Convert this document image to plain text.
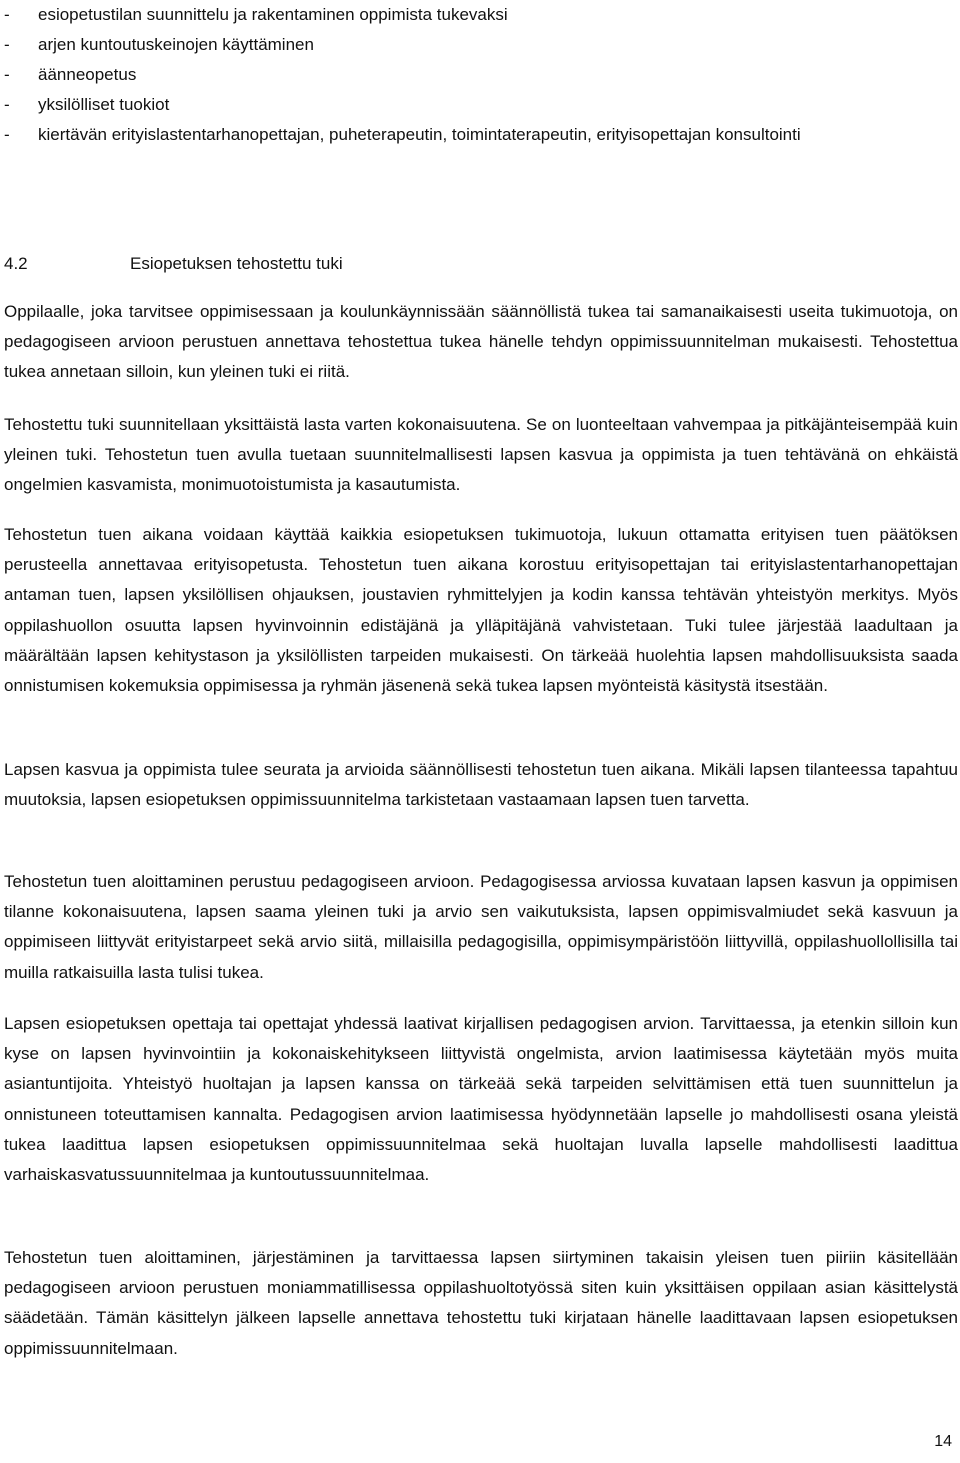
- esiopetustilan suunnittelu ja rakentaminen oppimista tukevaksi
- arjen kuntoutuskeinojen käyttäminen
- äänneopetus
- yksilölliset tuokiot
- kiertävän erityislastentarhanopettajan, puheterapeutin, toimintaterapeutin, erityisopettajan konsultointi
4.2	Esiopetuksen tehostettu tuki

Oppilaalle, joka tarvitsee oppimisessaan ja koulunkäynnissään säännöllistä tukea tai samanaikaisesti useita tukimuotoja, on pedagogiseen arvioon perustuen annettava tehostettua tukea hänelle tehdyn oppimissuunnitelman mukaisesti. Tehostettua tukea annetaan silloin, kun yleinen tuki ei riitä.

Tehostettu tuki suunnitellaan yksittäistä lasta varten kokonaisuutena. Se on luonteeltaan vahvempaa ja pitkäjänteisempää kuin yleinen tuki. Tehostetun tuen avulla tuetaan suunnitelmallisesti lapsen kasvua ja oppimista ja tuen tehtävänä on ehkäistä ongelmien kasvamista, monimuotoistumista ja kasautumista.

Tehostetun tuen aikana voidaan käyttää kaikkia esiopetuksen tukimuotoja, lukuun ottamatta erityisen tuen päätöksen perusteella annettavaa erityisopetusta. Tehostetun tuen aikana korostuu erityisopettajan tai erityislastentarhanopettajan antaman tuen, lapsen yksilöllisen ohjauksen, joustavien ryhmittelyjen ja kodin kanssa tehtävän yhteistyön merkitys. Myös oppilashuollon osuutta lapsen hyvinvoinnin edistäjänä ja ylläpitäjänä vahvistetaan. Tuki tulee järjestää laadultaan ja määrältään lapsen kehitystason ja yksilöllisten tarpeiden mukaisesti. On tärkeää huolehtia lapsen mahdollisuuksista saada onnistumisen kokemuksia oppimisessa ja ryhmän jäsenenä sekä tukea lapsen myönteistä käsitystä itsestään.

Lapsen kasvua ja oppimista tulee seurata ja arvioida säännöllisesti tehostetun tuen aikana. Mikäli lapsen tilanteessa tapahtuu muutoksia, lapsen esiopetuksen oppimissuunnitelma tarkistetaan vastaamaan lapsen tuen tarvetta.

Tehostetun tuen aloittaminen perustuu pedagogiseen arvioon. Pedagogisessa arviossa kuvataan lapsen kasvun ja oppimisen tilanne kokonaisuutena, lapsen saama yleinen tuki ja arvio sen vaikutuksista, lapsen oppimisvalmiudet sekä kasvuun ja oppimiseen liittyvät erityistarpeet sekä arvio siitä, millaisilla pedagogisilla, oppimisympäristöön liittyvillä, oppilashuollollisilla tai muilla ratkaisuilla lasta tulisi tukea.

Lapsen esiopetuksen opettaja tai opettajat yhdessä laativat kirjallisen pedagogisen arvion. Tarvittaessa, ja etenkin silloin kun kyse on lapsen hyvinvointiin ja kokonaiskehitykseen liittyvistä ongelmista, arvion laatimisessa käytetään myös muita asiantuntijoita. Yhteistyö huoltajan ja lapsen kanssa on tärkeää sekä tarpeiden selvittämisen että tuen suunnittelun ja onnistuneen toteuttamisen kannalta. Pedagogisen arvion laatimisessa hyödynnetään lapselle jo mahdollisesti osana yleistä tukea laadittua lapsen esiopetuksen oppimissuunnitelmaa sekä huoltajan luvalla lapselle mahdollisesti laadittua varhaiskasvatussuunnitelmaa ja kuntoutussuunnitelmaa.

Tehostetun tuen aloittaminen, järjestäminen ja tarvittaessa lapsen siirtyminen takaisin yleisen tuen piiriin käsitellään pedagogiseen arvioon perustuen moniammatillisessa oppilashuoltotyössä siten kuin yksittäisen oppilaan asian käsittelystä säädetään. Tämän käsittelyn jälkeen lapselle annettava tehostettu tuki kirjataan hänelle laadittavaan lapsen esiopetuksen oppimissuunnitelmaan.

14
